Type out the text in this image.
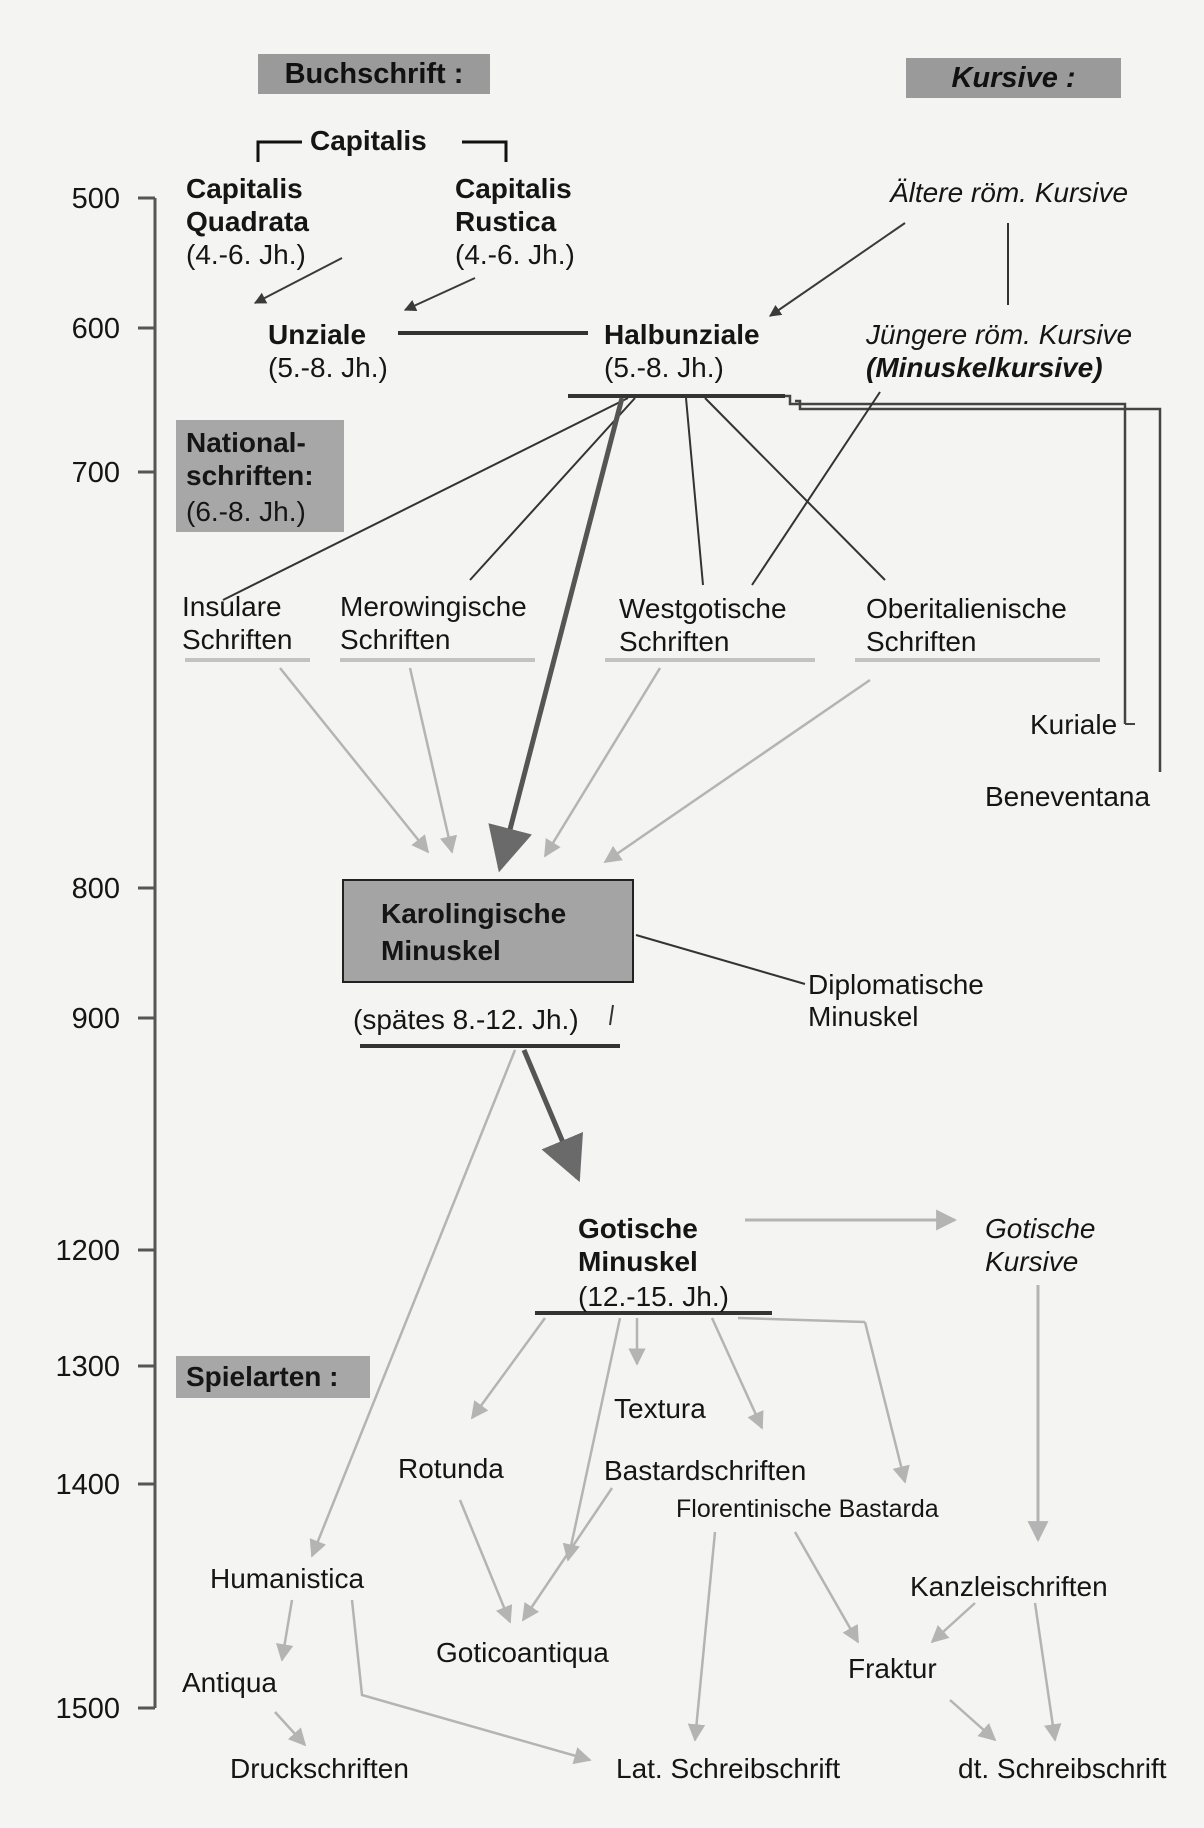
Buchschrift :	Kursive :
500
600
700
800
900
1200
1300
1400
1500
Capitalis
Capitalis
Quadrata
(4.-6. Jh.)
Capitalis
Rustica
(4.-6. Jh.)
Ältere röm. Kursive
Unziale
(5.-8. Jh.)
Halbunziale
(5.-8. Jh.)
Jüngere röm. Kursive
(Minuskelkursive)
National-
schriften:
(6.-8. Jh.)
Insulare
Schriften
Merowingische
Schriften
Westgotische
Schriften
Oberitalienische
Schriften
Kuriale
Beneventana
Karolingische
Minuskel
(spätes 8.-12. Jh.)
Diplomatische
Minuskel
Gotische
Minuskel
(12.-15. Jh.)
Gotische
Kursive
Spielarten :
Textura
Rotunda	Bastardschriften
Florentinische Bastarda
Humanistica	Kanzleischriften
Antiqua
Goticoantiqua
Fraktur
Druckschriften	Lat. Schreibschrift	dt. Schreibschrift
